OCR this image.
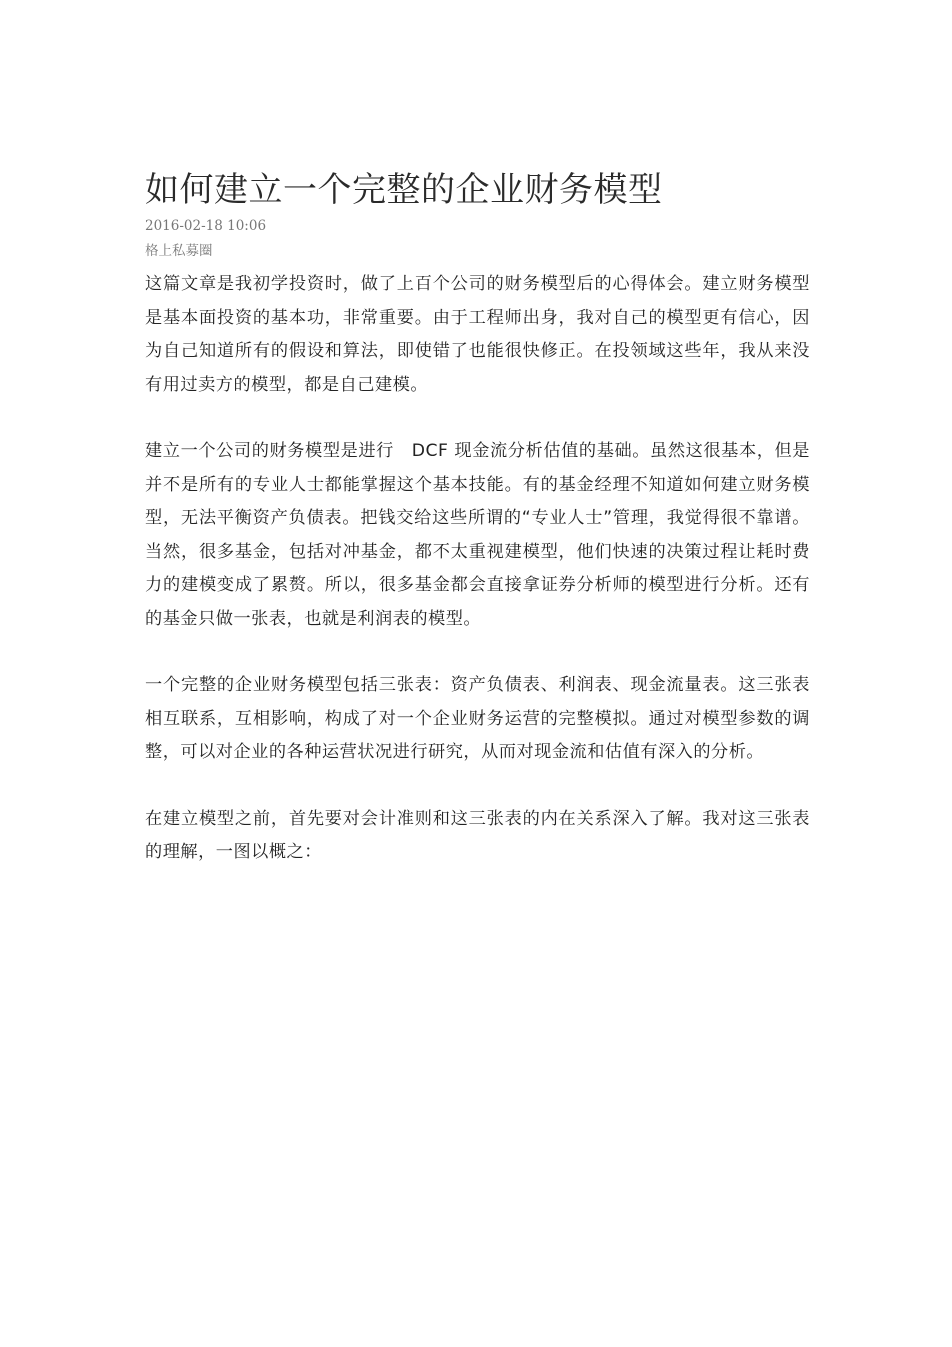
如何建立一个完整的企业财务模型

2016-02-18 10:06

格上私募圈

这篇文章是我初学投资时，做了上百个公司的财务模型后的心得体会。建立财务模型是基本面投资的基本功，非常重要。由于工程师出身，我对自己的模型更有信心，因为自己知道所有的假设和算法，即使错了也能很快修正。在投领域这些年，我从来没有用过卖方的模型，都是自己建模。

建立一个公司的财务模型是进行　DCF 现金流分析估值的基础。虽然这很基本，但是并不是所有的专业人士都能掌握这个基本技能。有的基金经理不知道如何建立财务模型，无法平衡资产负债表。把钱交给这些所谓的“专业人士”管理，我觉得很不靠谱。当然，很多基金，包括对冲基金，都不太重视建模型，他们快速的决策过程让耗时费力的建模变成了累赘。所以，很多基金都会直接拿证券分析师的模型进行分析。还有的基金只做一张表，也就是利润表的模型。

一个完整的企业财务模型包括三张表：资产负债表、利润表、现金流量表。这三张表相互联系，互相影响，构成了对一个企业财务运营的完整模拟。通过对模型参数的调整，可以对企业的各种运营状况进行研究，从而对现金流和估值有深入的分析。

在建立模型之前，首先要对会计准则和这三张表的内在关系深入了解。我对这三张表的理解，一图以概之：
